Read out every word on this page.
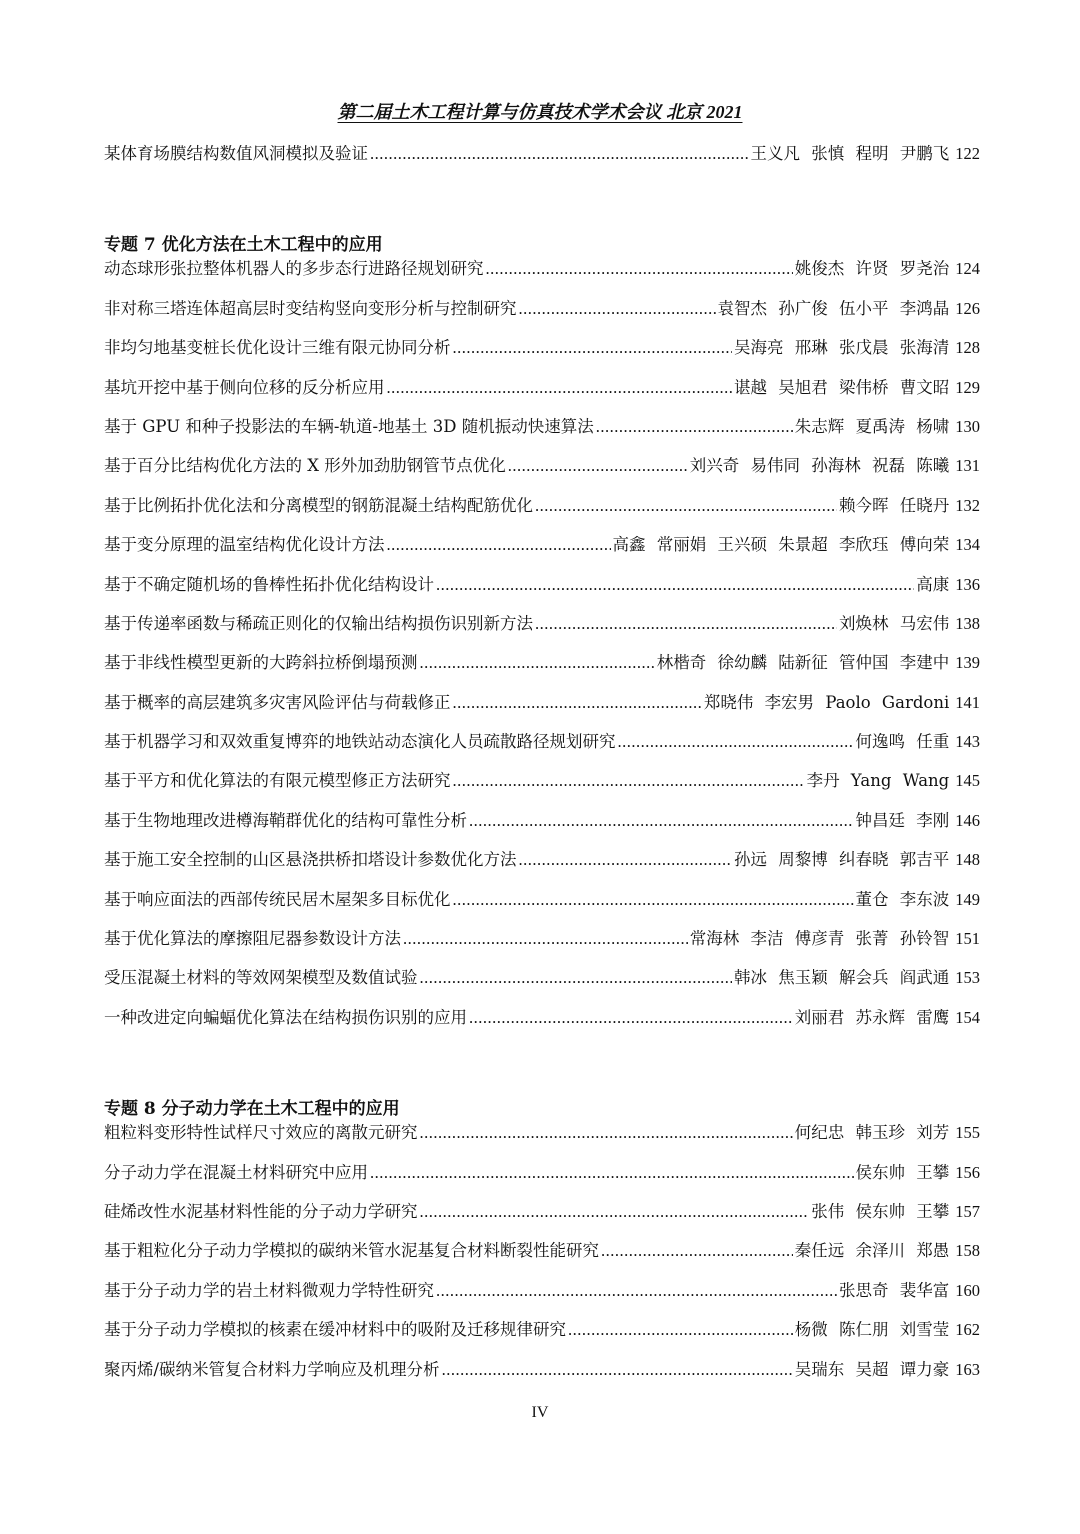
第二届土木工程计算与仿真技术学术会议 北京 2021
某体育场膜结构数值风洞模拟及验证 .....	王义凡 张慎 程明 尹鹏飞 122
专题 7 优化方法在土木工程中的应用
动态球形张拉整体机器人的多步态行进路径规划研究 .....	姚俊杰 许贤 罗尧治 124
非对称三塔连体超高层时变结构竖向变形分析与控制研究 .....	袁智杰 孙广俊 伍小平 李鸿晶 126
非均匀地基变桩长优化设计三维有限元协同分析 .....	吴海亮 邢琳 张戊晨 张海清 128
基坑开挖中基于侧向位移的反分析应用 .....	谌越 吴旭君 梁伟桥 曹文昭 129
基于 GPU 和种子投影法的车辆-轨道-地基土 3D 随机振动快速算法 .....	朱志辉 夏禹涛 杨啸 130
基于百分比结构优化方法的 X 形外加劲肋钢管节点优化 .....	刘兴奇 易伟同 孙海林 祝磊 陈曦 131
基于比例拓扑优化法和分离模型的钢筋混凝土结构配筋优化 .....	赖今晖 任晓丹 132
基于变分原理的温室结构优化设计方法 .....	高鑫 常丽娟 王兴硕 朱景超 李欣珏 傅向荣 134
基于不确定随机场的鲁棒性拓扑优化结构设计 .....	高康 136
基于传递率函数与稀疏正则化的仅输出结构损伤识别新方法 .....	刘焕林 马宏伟 138
基于非线性模型更新的大跨斜拉桥倒塌预测 .....	林楷奇 徐幼麟 陆新征 管仲国 李建中 139
基于概率的高层建筑多灾害风险评估与荷载修正 .....	郑晓伟 李宏男 Paolo Gardoni 141
基于机器学习和双效重复博弈的地铁站动态演化人员疏散路径规划研究 .....	何逸鸣 任重 143
基于平方和优化算法的有限元模型修正方法研究 .....	李丹 Yang Wang 145
基于生物地理改进樽海鞘群优化的结构可靠性分析 .....	钟昌廷 李刚 146
基于施工安全控制的山区悬浇拱桥扣塔设计参数优化方法 .....	孙远 周黎博 纠春晓 郭吉平 148
基于响应面法的西部传统民居木屋架多目标优化 .....	董仓 李东波 149
基于优化算法的摩擦阻尼器参数设计方法 .....	常海林 李洁 傅彦青 张菁 孙铃智 151
受压混凝土材料的等效网架模型及数值试验 .....	韩冰 焦玉颖 解会兵 阎武通 153
一种改进定向蝙蝠优化算法在结构损伤识别的应用 .....	刘丽君 苏永辉 雷鹰 154
专题 8 分子动力学在土木工程中的应用
粗粒料变形特性试样尺寸效应的离散元研究 .....	何纪忠 韩玉珍 刘芳 155
分子动力学在混凝土材料研究中应用 .....	侯东帅 王攀 156
硅烯改性水泥基材料性能的分子动力学研究 .....	张伟 侯东帅 王攀 157
基于粗粒化分子动力学模拟的碳纳米管水泥基复合材料断裂性能研究 .....	秦任远 余泽川 郑愚 158
基于分子动力学的岩土材料微观力学特性研究 .....	张思奇 裴华富 160
基于分子动力学模拟的核素在缓冲材料中的吸附及迁移规律研究 .....	杨微 陈仁朋 刘雪莹 162
聚丙烯/碳纳米管复合材料力学响应及机理分析 .....	吴瑞东 吴超 谭力豪 163
IV
